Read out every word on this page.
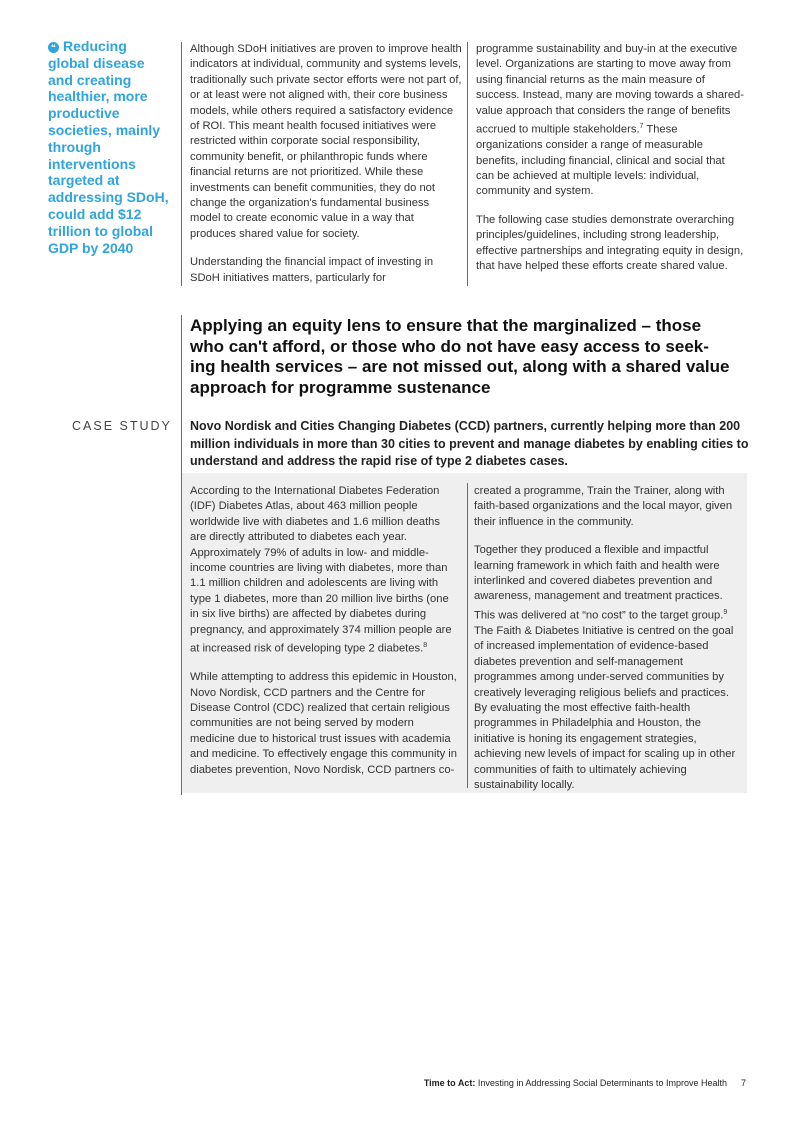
❝ Reducing global disease and creating healthier, more productive societies, mainly through interventions targeted at addressing SDoH, could add $12 trillion to global GDP by 2040

Although SDoH initiatives are proven to improve health indicators at individual, community and systems levels, traditionally such private sector efforts were not part of, or at least were not aligned with, their core business models, while others required a satisfactory evidence of ROI. This meant health focused initiatives were restricted within corporate social responsibility, community benefit, or philanthropic funds where financial returns are not prioritized. While these investments can benefit communities, they do not change the organization's fundamental business model to create economic value in a way that produces shared value for society.

Understanding the financial impact of investing in SDoH initiatives matters, particularly for

programme sustainability and buy-in at the executive level. Organizations are starting to move away from using financial returns as the main measure of success. Instead, many are moving towards a shared-value approach that considers the range of benefits accrued to multiple stakeholders.$^7$ These organizations consider a range of measurable benefits, including financial, clinical and social that can be achieved at multiple levels: individual, community and system.

The following case studies demonstrate overarching principles/guidelines, including strong leadership, effective partnerships and integrating equity in design, that have helped these efforts create shared value.

Applying an equity lens to ensure that the marginalized – those who can't afford, or those who do not have easy access to seek-ing health services – are not missed out, along with a shared value approach for programme sustenance
CASE STUDY Novo Nordisk and Cities Changing Diabetes (CCD) partners, currently helping more than 200 million individuals in more than 30 cities to prevent and manage diabetes by enabling cities to understand and address the rapid rise of type 2 diabetes cases.

According to the International Diabetes Federation (IDF) Diabetes Atlas, about 463 million people worldwide live with diabetes and 1.6 million deaths are directly attributed to diabetes each year. Approximately 79% of adults in low- and middle-income countries are living with diabetes, more than 1.1 million children and adolescents are living with type 1 diabetes, more than 20 million live births (one in six live births) are affected by diabetes during pregnancy, and approximately 374 million people are at increased risk of developing type 2 diabetes.$^8$

While attempting to address this epidemic in Houston, Novo Nordisk, CCD partners and the Centre for Disease Control (CDC) realized that certain religious communities are not being served by modern medicine due to historical trust issues with academia and medicine. To effectively engage this community in diabetes prevention, Novo Nordisk, CCD partners co-

created a programme, Train the Trainer, along with faith-based organizations and the local mayor, given their influence in the community.

Together they produced a flexible and impactful learning framework in which faith and health were interlinked and covered diabetes prevention and awareness, management and treatment practices. This was delivered at “no cost” to the target group.$^9$ The Faith & Diabetes Initiative is centred on the goal of increased implementation of evidence-based diabetes prevention and self-management programmes among under-served communities by creatively leveraging religious beliefs and practices. By evaluating the most effective faith-health programmes in Philadelphia and Houston, the initiative is honing its engagement strategies, achieving new levels of impact for scaling up in other communities of faith to ultimately achieving sustainability locally.

Time to Act: Investing in Addressing Social Determinants to Improve Health 7
